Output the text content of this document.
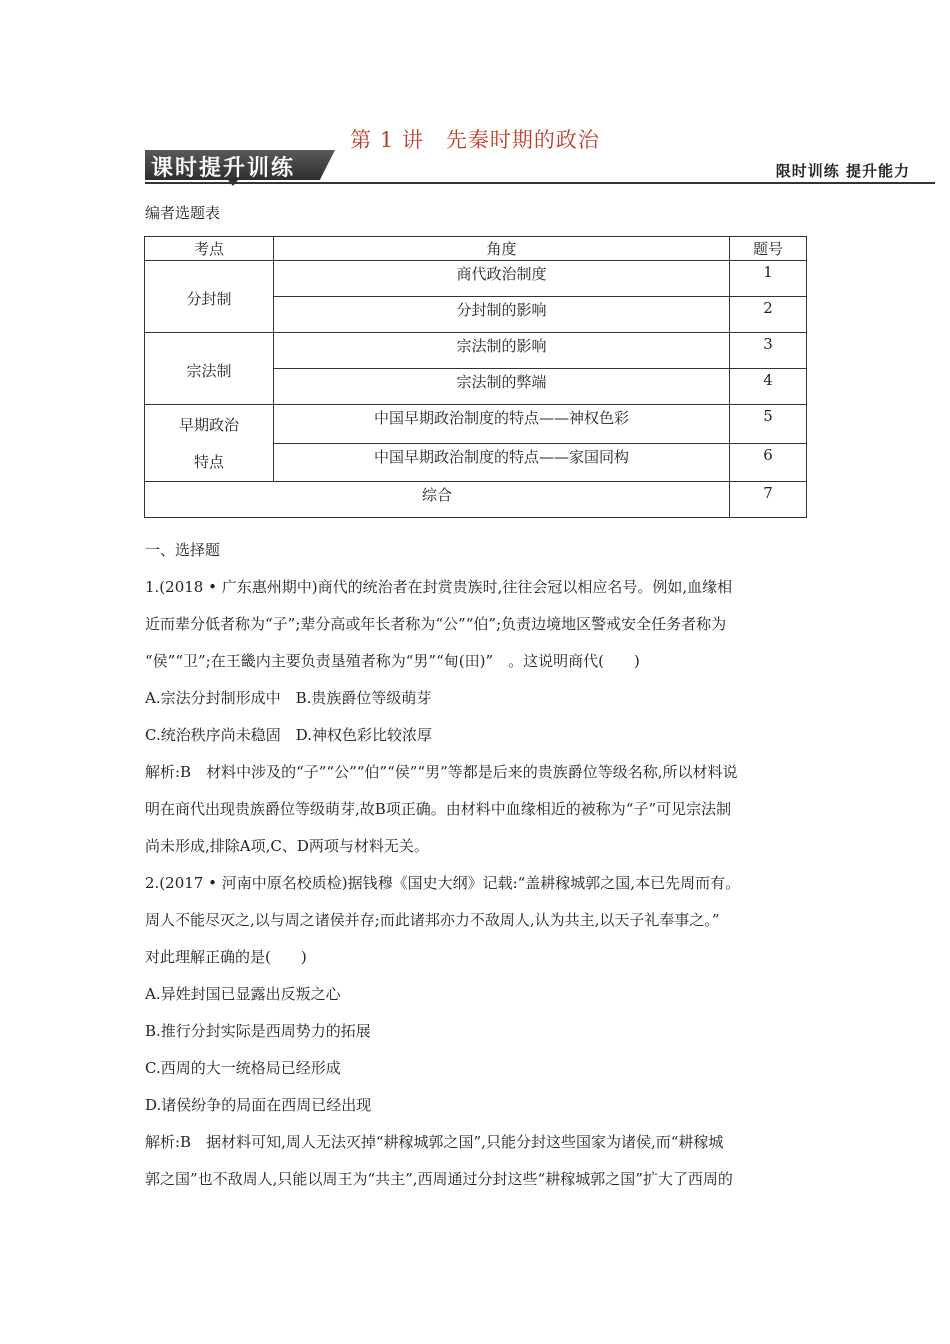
第 1 讲　先秦时期的政治
课时提升训练	限时训练 提升能力
编者选题表
考点	角度	题号
分封制	商代政治制度	1
	分封制的影响	2
宗法制	宗法制的影响	3
	宗法制的弊端	4

早期政治
特点	中国早期政治制度的特点——神权色彩	5
	中国早期政治制度的特点——家国同构	6
综合		7

一、选择题

1.(2018 • 广东惠州期中)商代的统治者在封赏贵族时,往往会冠以相应名号。例如,血缘相

近而辈分低者称为“子”;辈分高或年长者称为“公”“伯”;负责边境地区警戒安全任务者称为

“侯”“卫”;在王畿内主要负责垦殖者称为“男”“甸(田)”　。这说明商代(　　)

A.宗法分封制形成中　B.贵族爵位等级萌芽

C.统治秩序尚未稳固　D.神权色彩比较浓厚

解析:B　材料中涉及的“子”“公”“伯”“侯”“男”等都是后来的贵族爵位等级名称,所以材料说

明在商代出现贵族爵位等级萌芽,故B项正确。由材料中血缘相近的被称为“子”可见宗法制

尚未形成,排除A项,C、D两项与材料无关。

2.(2017 • 河南中原名校质检)据钱穆《国史大纲》记载:“盖耕稼城郭之国,本已先周而有。

周人不能尽灭之,以与周之诸侯并存;而此诸邦亦力不敌周人,认为共主,以天子礼奉事之。”

对此理解正确的是(　　)

A.异姓封国已显露出反叛之心

B.推行分封实际是西周势力的拓展

C.西周的大一统格局已经形成

D.诸侯纷争的局面在西周已经出现

解析:B　据材料可知,周人无法灭掉“耕稼城郭之国”,只能分封这些国家为诸侯,而“耕稼城

郭之国”也不敌周人,只能以周王为“共主”,西周通过分封这些“耕稼城郭之国”扩大了西周的
